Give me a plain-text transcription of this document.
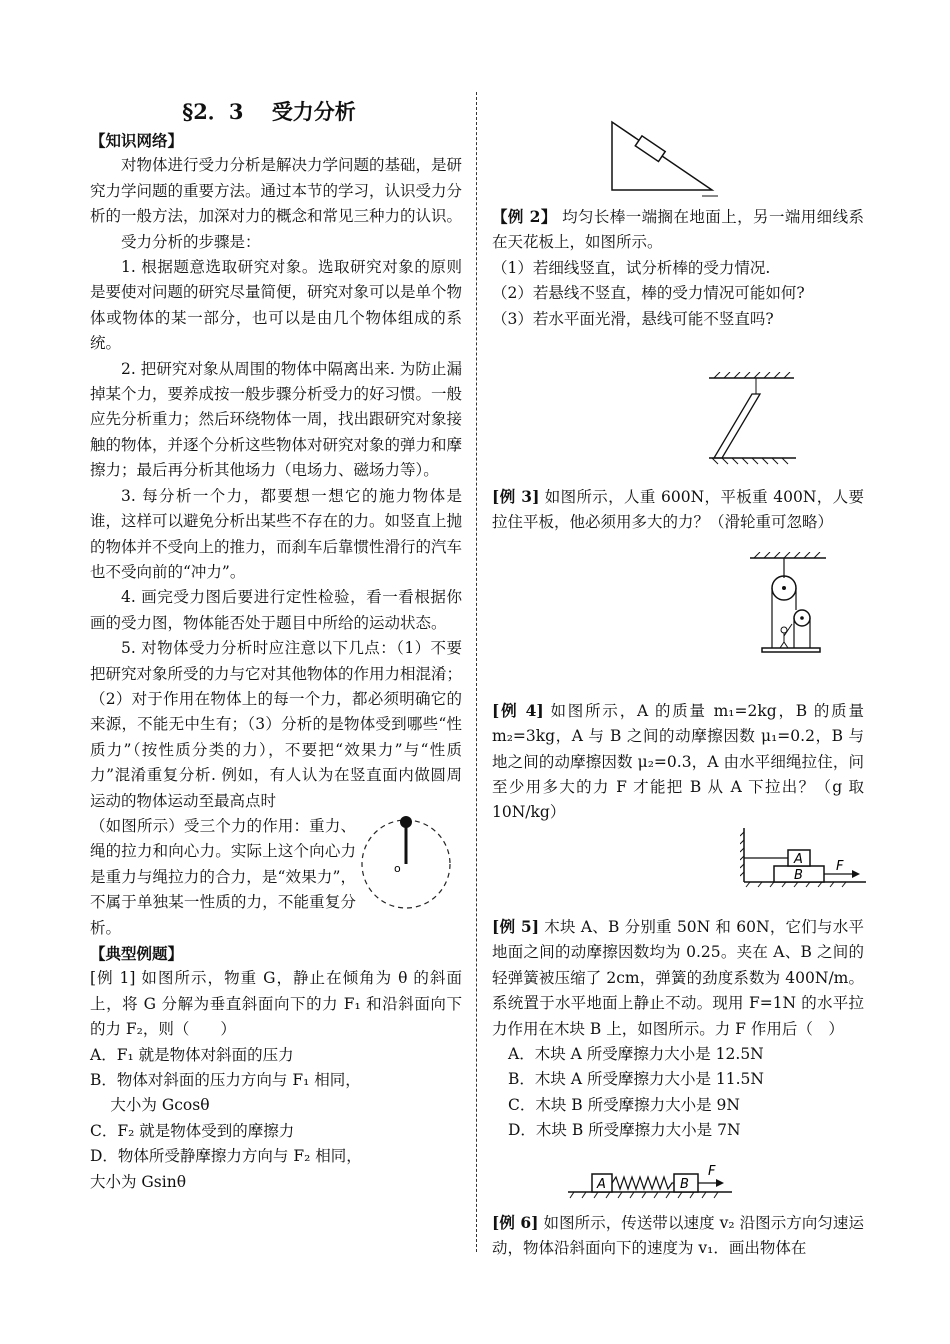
§2．3　 受力分析
【知识网络】

对物体进行受力分析是解决力学问题的基础，是研究力学问题的重要方法。通过本节的学习，认识受力分析的一般方法，加深对力的概念和常见三种力的认识。

受力分析的步骤是：

1. 根据题意选取研究对象。选取研究对象的原则是要使对问题的研究尽量简便，研究对象可以是单个物体或物体的某一部分，也可以是由几个物体组成的系统。

2. 把研究对象从周围的物体中隔离出来. 为防止漏掉某个力，要养成按一般步骤分析受力的好习惯。一般应先分析重力；然后环绕物体一周，找出跟研究对象接触的物体，并逐个分析这些物体对研究对象的弹力和摩擦力；最后再分析其他场力（电场力、磁场力等）。

3. 每分析一个力，都要想一想它的施力物体是谁，这样可以避免分析出某些不存在的力。如竖直上抛的物体并不受向上的推力，而刹车后靠惯性滑行的汽车也不受向前的“冲力”。

4. 画完受力图后要进行定性检验，看一看根据你画的受力图，物体能否处于题目中所给的运动状态。

5. 对物体受力分析时应注意以下几点：（1）不要把研究对象所受的力与它对其他物体的作用力相混淆；（2）对于作用在物体上的每一个力，都必须明确它的来源，不能无中生有；（3）分析的是物体受到哪些“性质力”（按性质分类的力），不要把“效果力”与“性质力”混淆重复分析. 例如，有人认为在竖直面内做圆周运动的物体运动至最高点时

o

（如图所示）受三个力的作用：重力、绳的拉力和向心力。实际上这个向心力是重力与绳拉力的合力，是“效果力”，不属于单独某一性质的力，不能重复分析。

【典型例题】

[例 1] 如图所示，物重 G，静止在倾角为 θ 的斜面上，将 G 分解为垂直斜面向下的力 F₁ 和沿斜面向下的力 F₂，则（　　）

A．F₁ 就是物体对斜面的压力
B．物体对斜面的压力方向与 F₁ 相同，
　 大小为 Gcosθ
C．F₂ 就是物体受到的摩擦力
D．物体所受静摩擦力方向与 F₂ 相同，
大小为 Gsinθ

【例 2】 均匀长棒一端搁在地面上，另一端用细线系在天花板上，如图所示。

（1）若细线竖直，试分析棒的受力情况.
（2）若悬线不竖直，棒的受力情况可能如何?
（3）若水平面光滑，悬线可能不竖直吗?

[例 3] 如图所示，人重 600N，平板重 400N，人要拉住平板，他必须用多大的力？（滑轮重可忽略）

[例 4] 如图所示，A 的质量 m₁=2kg，B 的质量 m₂=3kg，A 与 B 之间的动摩擦因数 μ₁=0.2，B 与地之间的动摩擦因数 μ₂=0.3，A 由水平细绳拉住，问至少用多大的力 F 才能把 B 从 A 下拉出？（g 取 10N/kg）

A
B
F

[例 5] 木块 A、B 分别重 50N 和 60N，它们与水平地面之间的动摩擦因数均为 0.25。夹在 A、B 之间的轻弹簧被压缩了 2cm，弹簧的劲度系数为 400N/m。系统置于水平地面上静止不动。现用 F=1N 的水平拉力作用在木块 B 上，如图所示。力 F 作用后（　）

A．木块 A 所受摩擦力大小是 12.5N
B．木块 A 所受摩擦力大小是 11.5N
C．木块 B 所受摩擦力大小是 9N
D．木块 B 所受摩擦力大小是 7N
A	B
F

[例 6] 如图所示，传送带以速度 v₂ 沿图示方向匀速运动，物体沿斜面向下的速度为 v₁．画出物体在
